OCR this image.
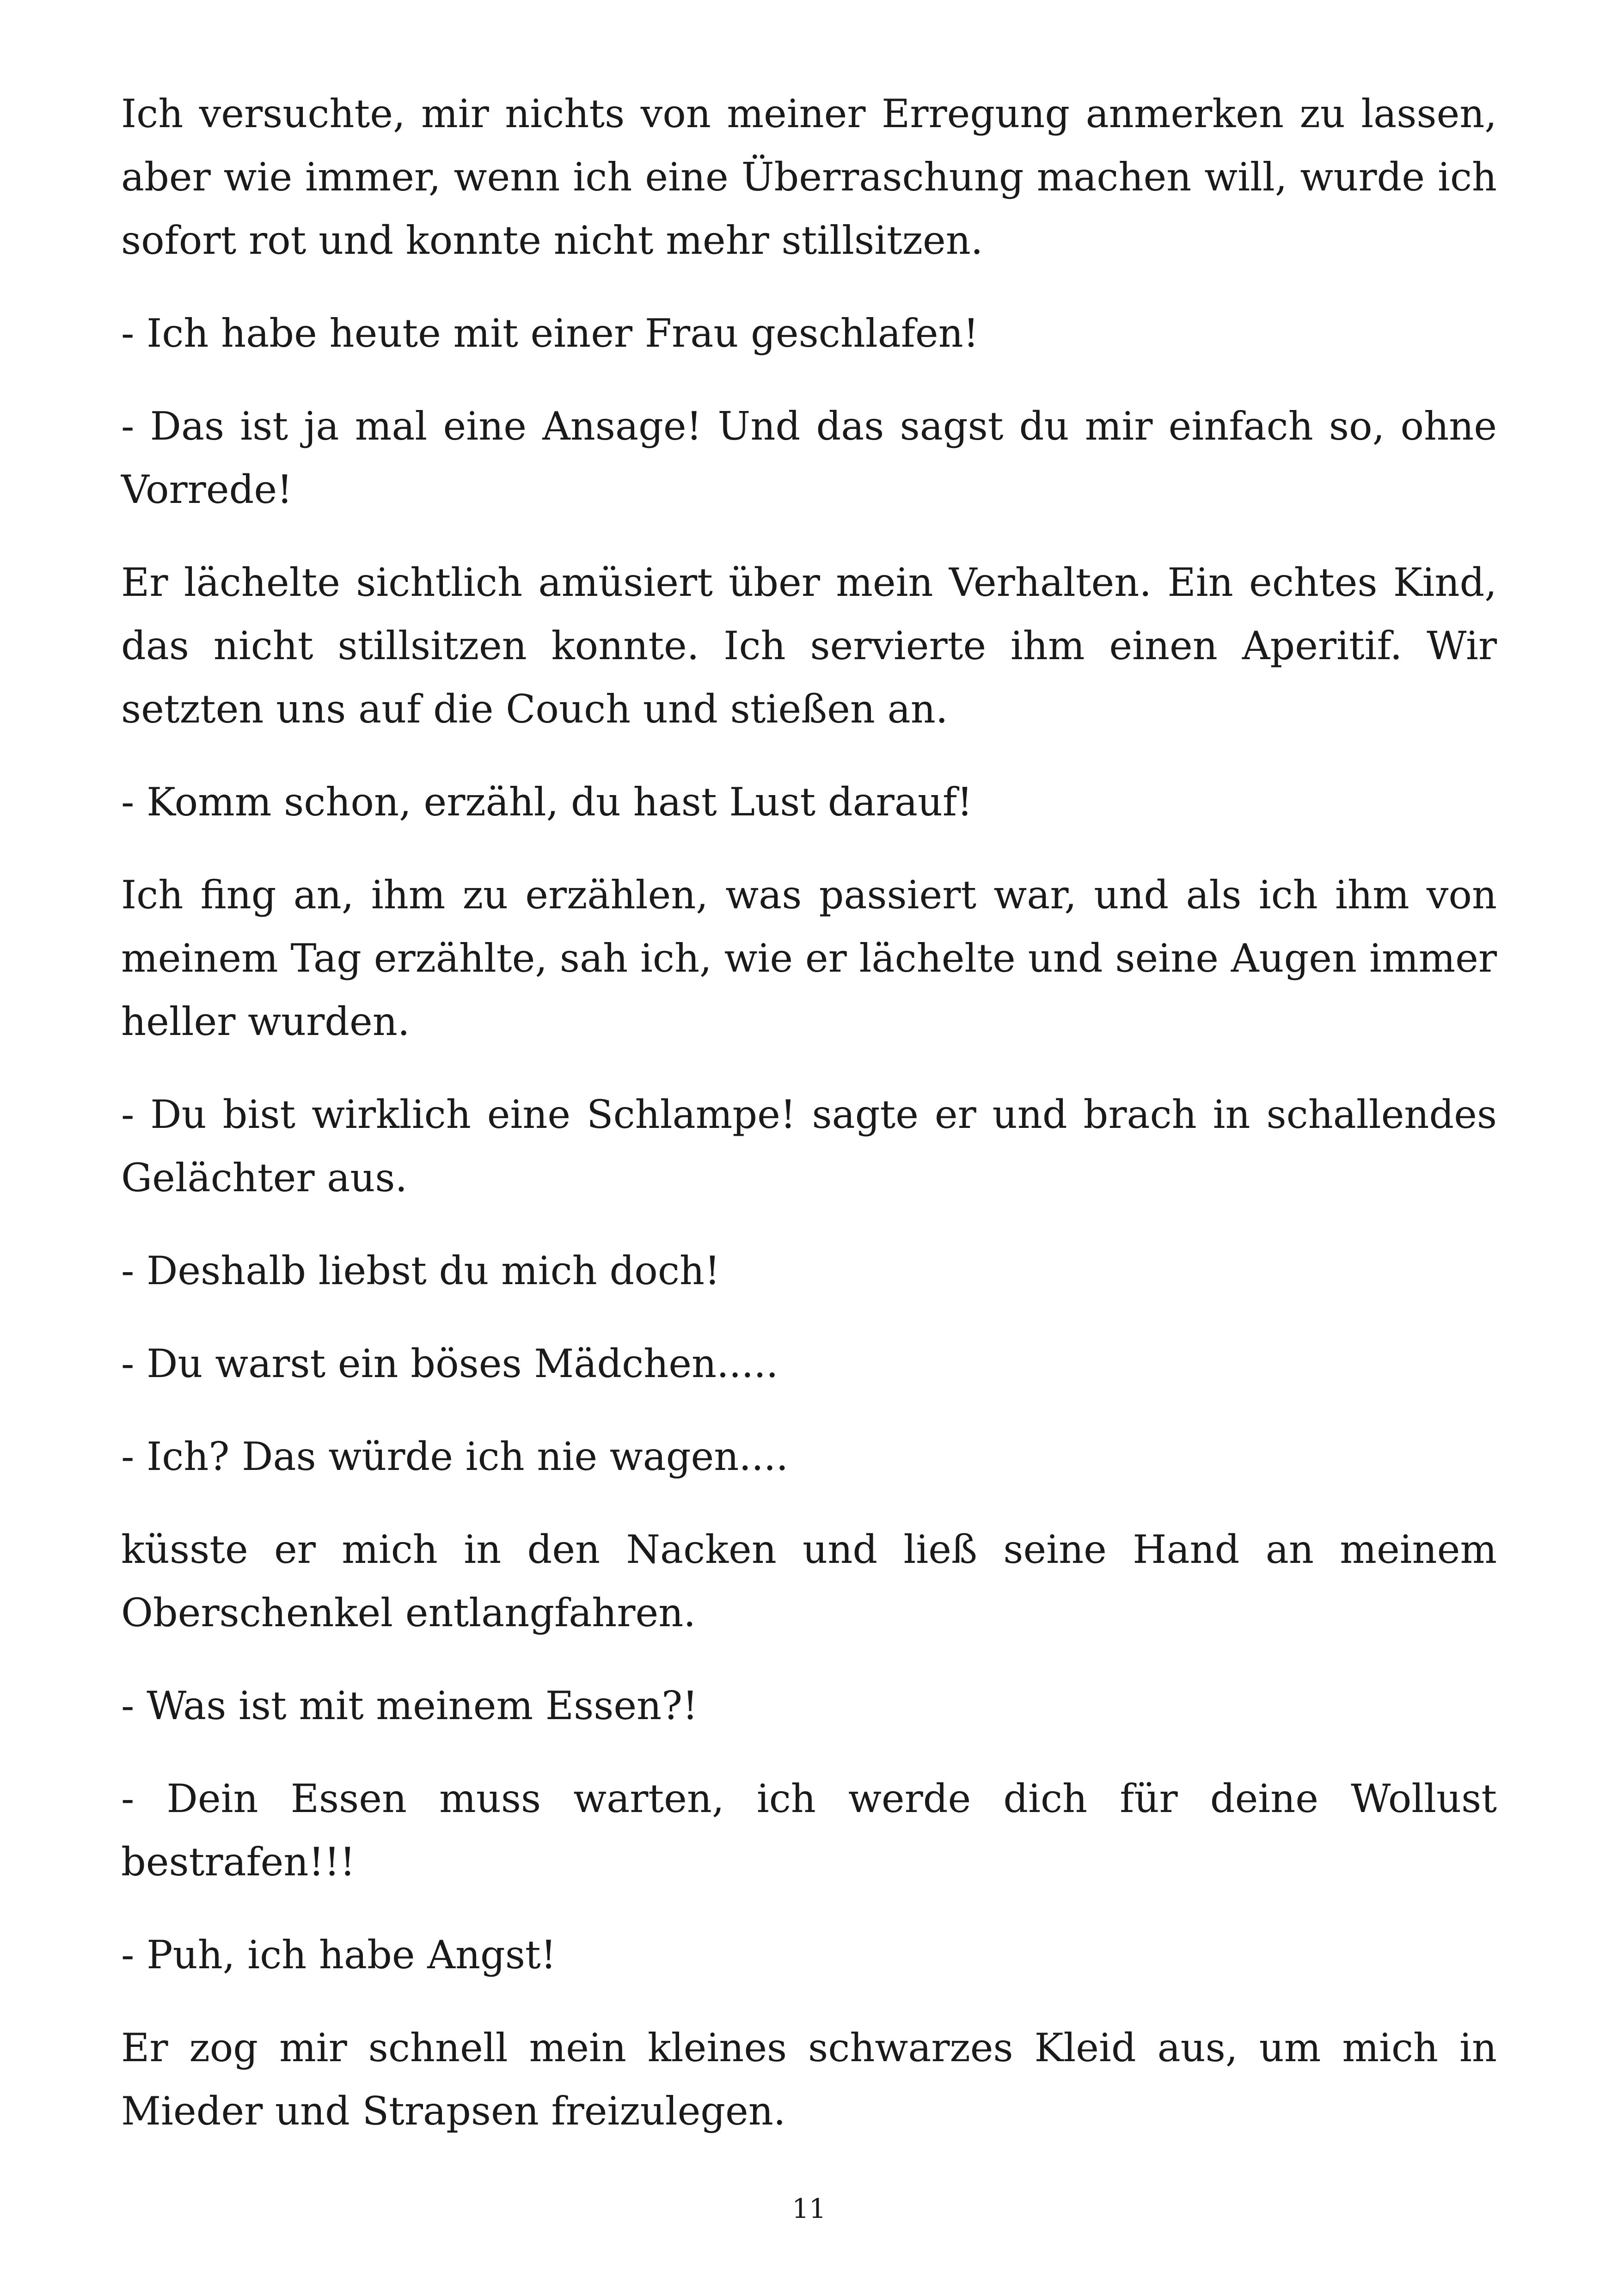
Ich versuchte, mir nichts von meiner Erregung anmerken zu lassen, aber wie immer, wenn ich eine Überraschung machen will, wurde ich sofort rot und konnte nicht mehr stillsitzen.

- Ich habe heute mit einer Frau geschlafen!

- Das ist ja mal eine Ansage! Und das sagst du mir einfach so, ohne Vorrede!

Er lächelte sichtlich amüsiert über mein Verhalten. Ein echtes Kind, das nicht stillsitzen konnte. Ich servierte ihm einen Aperitif. Wir setzten uns auf die Couch und stießen an.

- Komm schon, erzähl, du hast Lust darauf!

Ich fing an, ihm zu erzählen, was passiert war, und als ich ihm von meinem Tag erzählte, sah ich, wie er lächelte und seine Augen immer heller wurden.

- Du bist wirklich eine Schlampe! sagte er und brach in schallendes Gelächter aus.

- Deshalb liebst du mich doch!

- Du warst ein böses Mädchen.....

- Ich? Das würde ich nie wagen....

küsste er mich in den Nacken und ließ seine Hand an meinem Oberschenkel entlangfahren.

- Was ist mit meinem Essen?!

- Dein Essen muss warten, ich werde dich für deine Wollust bestrafen!!!

- Puh, ich habe Angst!

Er zog mir schnell mein kleines schwarzes Kleid aus, um mich in Mieder und Strapsen freizulegen.

11
